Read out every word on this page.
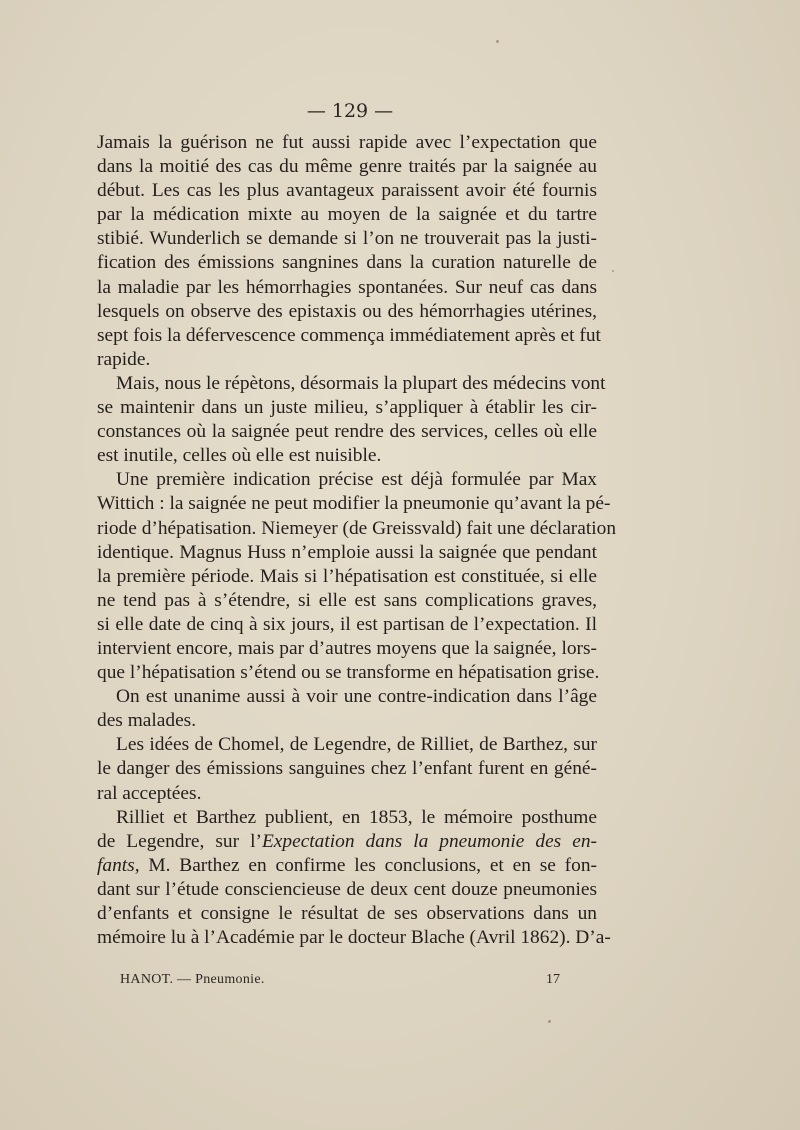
— 129 —
Jamais la guérison ne fut aussi rapide avec l’expectation que
dans la moitié des cas du même genre traités par la saignée au
début. Les cas les plus avantageux paraissent avoir été fournis
par la médication mixte au moyen de la saignée et du tartre
stibié. Wunderlich se demande si l’on ne trouverait pas la justi-
fication des émissions sangnines dans la curation naturelle de
la maladie par les hémorrhagies spontanées. Sur neuf cas dans
lesquels on observe des epistaxis ou des hémorrhagies utérines,
sept fois la défervescence commença immédiatement après et fut
rapide.
Mais, nous le répètons, désormais la plupart des médecins vont
se maintenir dans un juste milieu, s’appliquer à établir les cir-
constances où la saignée peut rendre des services, celles où elle
est inutile, celles où elle est nuisible.
Une première indication précise est déjà formulée par Max
Wittich : la saignée ne peut modifier la pneumonie qu’avant la pé-
riode d’hépatisation. Niemeyer (de Greissvald) fait une déclaration
identique. Magnus Huss n’emploie aussi la saignée que pendant
la première période. Mais si l’hépatisation est constituée, si elle
ne tend pas à s’étendre, si elle est sans complications graves,
si elle date de cinq à six jours, il est partisan de l’expectation. Il
intervient encore, mais par d’autres moyens que la saignée, lors-
que l’hépatisation s’étend ou se transforme en hépatisation grise.
On est unanime aussi à voir une contre-indication dans l’âge
des malades.
Les idées de Chomel, de Legendre, de Rilliet, de Barthez, sur
le danger des émissions sanguines chez l’enfant furent en géné-
ral acceptées.
Rilliet et Barthez publient, en 1853, le mémoire posthume
de Legendre, sur l’Expectation dans la pneumonie des en-
fants, M. Barthez en confirme les conclusions, et en se fon-
dant sur l’étude consciencieuse de deux cent douze pneumonies
d’enfants et consigne le résultat de ses observations dans un
mémoire lu à l’Académie par le docteur Blache (Avril 1862). D’a-
HANOT. — Pneumonie.	17
